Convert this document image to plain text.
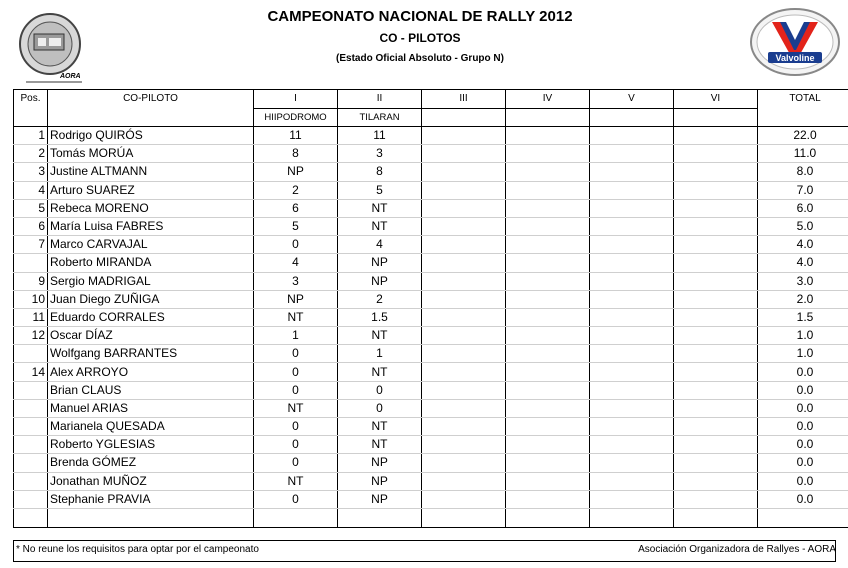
AORA
CAMPEONATO NACIONAL DE RALLY 2012
CO - PILOTOS
(Estado Oficial Absoluto - Grupo N)	Valvoline
Pos.	CO-PILOTO	I	II	III	IV	V	VI	TOTAL
		HIIPODROMO	TILARAN					
1	Rodrigo QUIRÓS	11	11					22.0
2	Tomás MORÚA	8	3					11.0
3	Justine ALTMANN	NP	8					8.0
4	Arturo SUAREZ	2	5					7.0
5	Rebeca MORENO	6	NT					6.0
6	María Luisa FABRES	5	NT					5.0
7	Marco CARVAJAL	0	4					4.0
	Roberto MIRANDA	4	NP					4.0
9	Sergio MADRIGAL	3	NP					3.0
10	Juan Diego ZUÑIGA	NP	2					2.0
11	Eduardo CORRALES	NT	1.5					1.5
12	Oscar DÍAZ	1	NT					1.0
	Wolfgang BARRANTES	0	1					1.0
14	Alex ARROYO	0	NT					0.0
	Brian CLAUS	0	0					0.0
	Manuel ARIAS	NT	0					0.0
	Marianela QUESADA	0	NT					0.0
	Roberto YGLESIAS	0	NT					0.0
	Brenda GÓMEZ	0	NP					0.0
	Jonathan MUÑOZ	NT	NP					0.0
	Stephanie PRAVIA	0	NP					0.0

* No reune los requisitos para optar por el campeonato	Asociación Organizadora de Rallyes - AORA
